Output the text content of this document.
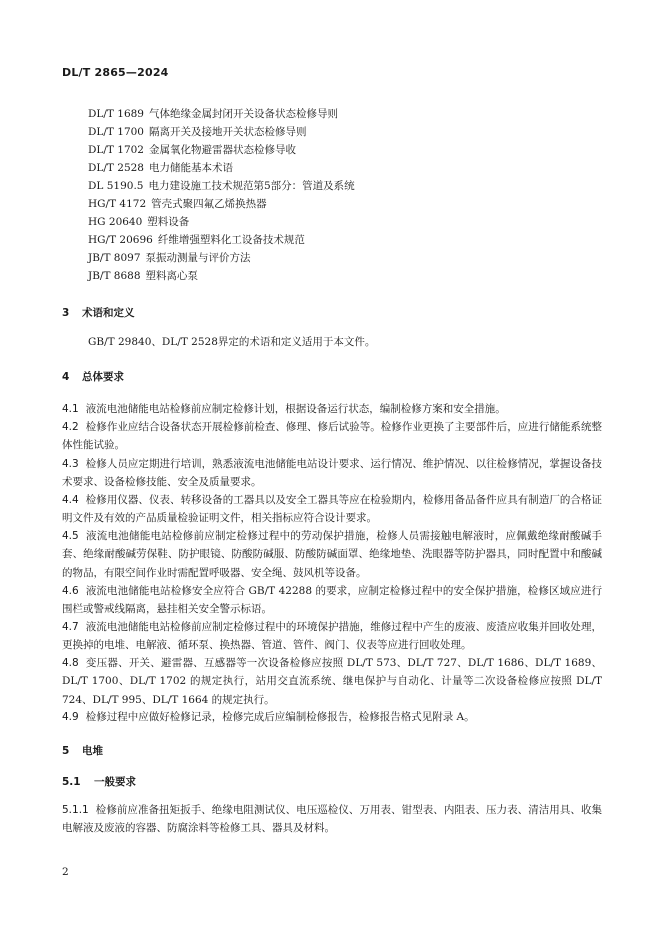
DL/T 2865—2024
DL/T 1689 气体绝缘金属封闭开关设备状态检修导则
DL/T 1700 隔离开关及接地开关状态检修导则
DL/T 1702 金属氧化物避雷器状态检修导收
DL/T 2528 电力储能基本术语
DL 5190.5 电力建设施工技术规范第5部分：管道及系统
HG/T 4172 管壳式聚四氟乙烯换热器
HG 20640 塑料设备
HG/T 20696 纤维增强塑料化工设备技术规范
JB/T 8097 泵振动测量与评价方法
JB/T 8688 塑料离心泵
3 术语和定义
GB/T 29840、DL/T 2528界定的术语和定义适用于本文件。
4 总体要求
4.1 液流电池储能电站检修前应制定检修计划，根据设备运行状态，编制检修方案和安全措施。
4.2 检修作业应结合设备状态开展检修前检查、修理、修后试验等。检修作业更换了主要部件后，应进行储能系统整体性能试验。
4.3 检修人员应定期进行培训，熟悉液流电池储能电站设计要求、运行情况、维护情况、以往检修情况，掌握设备技术要求、设备检修技能、安全及质量要求。
4.4 检修用仪器、仪表、转移设备的工器具以及安全工器具等应在检验期内，检修用备品备件应具有制造厂的合格证明文件及有效的产品质量检验证明文件，相关指标应符合设计要求。
4.5 液流电池储能电站检修前应制定检修过程中的劳动保护措施，检修人员需接触电解液时，应佩戴绝缘耐酸碱手套、绝缘耐酸碱劳保鞋、防护眼镜、防酸防碱服、防酸防碱面罩、绝缘地垫、洗眼器等防护器具，同时配置中和酸碱的物品，有限空间作业时需配置呼吸器、安全绳、鼓风机等设备。
4.6 液流电池储能电站检修安全应符合 GB/T 42288 的要求，应制定检修过程中的安全保护措施，检修区域应进行围栏或警戒线隔离，悬挂相关安全警示标语。
4.7 液流电池储能电站检修前应制定检修过程中的环境保护措施，维修过程中产生的废液、废渣应收集并回收处理，更换掉的电堆、电解液、循环泵、换热器、管道、管件、阀门、仪表等应进行回收处理。
4.8 变压器、开关、避雷器、互感器等一次设备检修应按照 DL/T 573、DL/T 727、DL/T 1686、DL/T 1689、DL/T 1700、DL/T 1702 的规定执行，站用交直流系统、继电保护与自动化、计量等二次设备检修应按照 DL/T 724、DL/T 995、DL/T 1664 的规定执行。
4.9 检修过程中应做好检修记录，检修完成后应编制检修报告，检修报告格式见附录 A。
5 电堆
5.1 一般要求
5.1.1 检修前应准备扭矩扳手、绝缘电阻测试仪、电压巡检仪、万用表、钳型表、内阻表、压力表、清洁用具、收集电解液及废液的容器、防腐涂料等检修工具、器具及材料。
2
